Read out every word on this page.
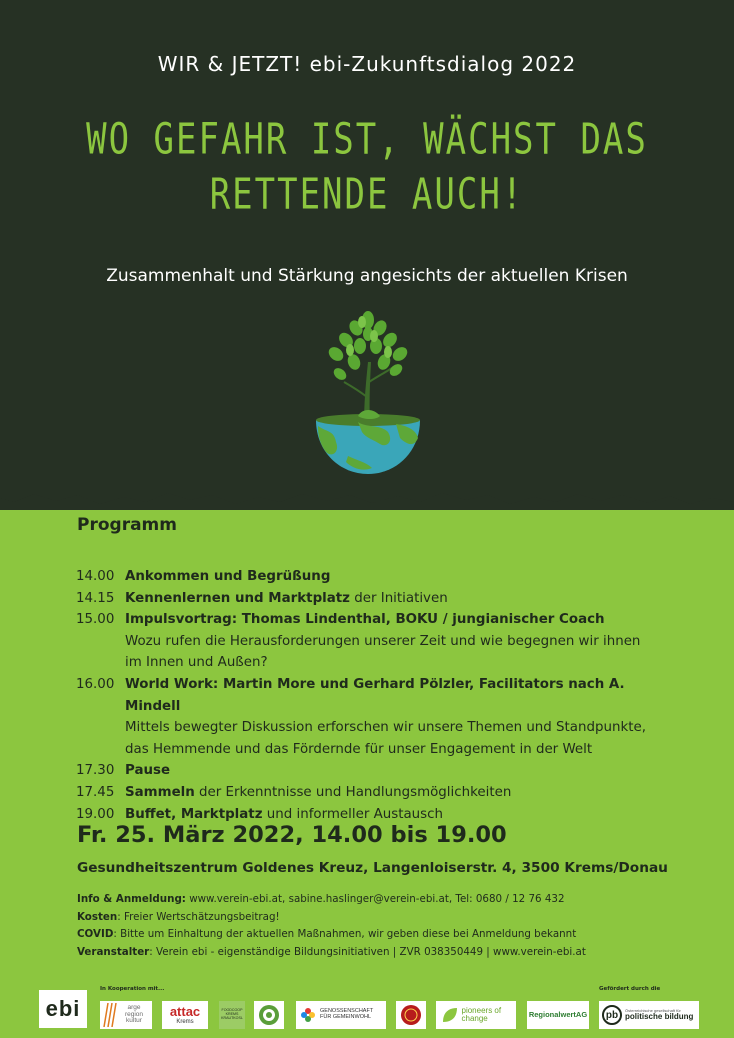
WIR & JETZT! ebi-Zukunftsdialog 2022
WO GEFAHR IST, WÄCHST DAS
RETTENDE AUCH!
Zusammenhalt und Stärkung angesichts der aktuellen Krisen
Programm
14.00 Ankommen und Begrüßung
14.15 Kennenlernen und Marktplatz der Initiativen
15.00 Impulsvortrag: Thomas Lindenthal, BOKU / jungianischer Coach
Wozu rufen die Herausforderungen unserer Zeit und wie begegnen wir ihnen
im Innen und Außen?
16.00 World Work: Martin More und Gerhard Pölzler, Facilitators nach A. Mindell
Mittels bewegter Diskussion erforschen wir unsere Themen und Standpunkte,
das Hemmende und das Fördernde für unser Engagement in der Welt
17.30 Pause
17.45 Sammeln der Erkenntnisse und Handlungsmöglichkeiten
19.00 Buffet, Marktplatz und informeller Austausch
Fr. 25. März 2022, 14.00 bis 19.00
Gesundheitszentrum Goldenes Kreuz, Langenloiserstr. 4, 3500 Krems/Donau
Info & Anmeldung: www.verein-ebi.at, sabine.haslinger@verein-ebi.at, Tel: 0680 / 12 76 432
Kosten: Freier Wertschätzungsbeitrag!
COVID: Bitte um Einhaltung der aktuellen Maßnahmen, wir geben diese bei Anmeldung bekannt
Veranstalter: Verein ebi - eigenständige Bildungsinitiativen | ZVR 038350449 | www.verein-ebi.at
In Kooperation mit...	Gefördert durch die
ebi	arge region kultur
attac
Krems
FOODCOOP KREMS KRAUTKOSL
GENOSSENSCHAFT FÜR GEMEINWOHL
pioneers of change	RegionalwertAG	pb	Österreichische gesellschaft für
politische bildung
